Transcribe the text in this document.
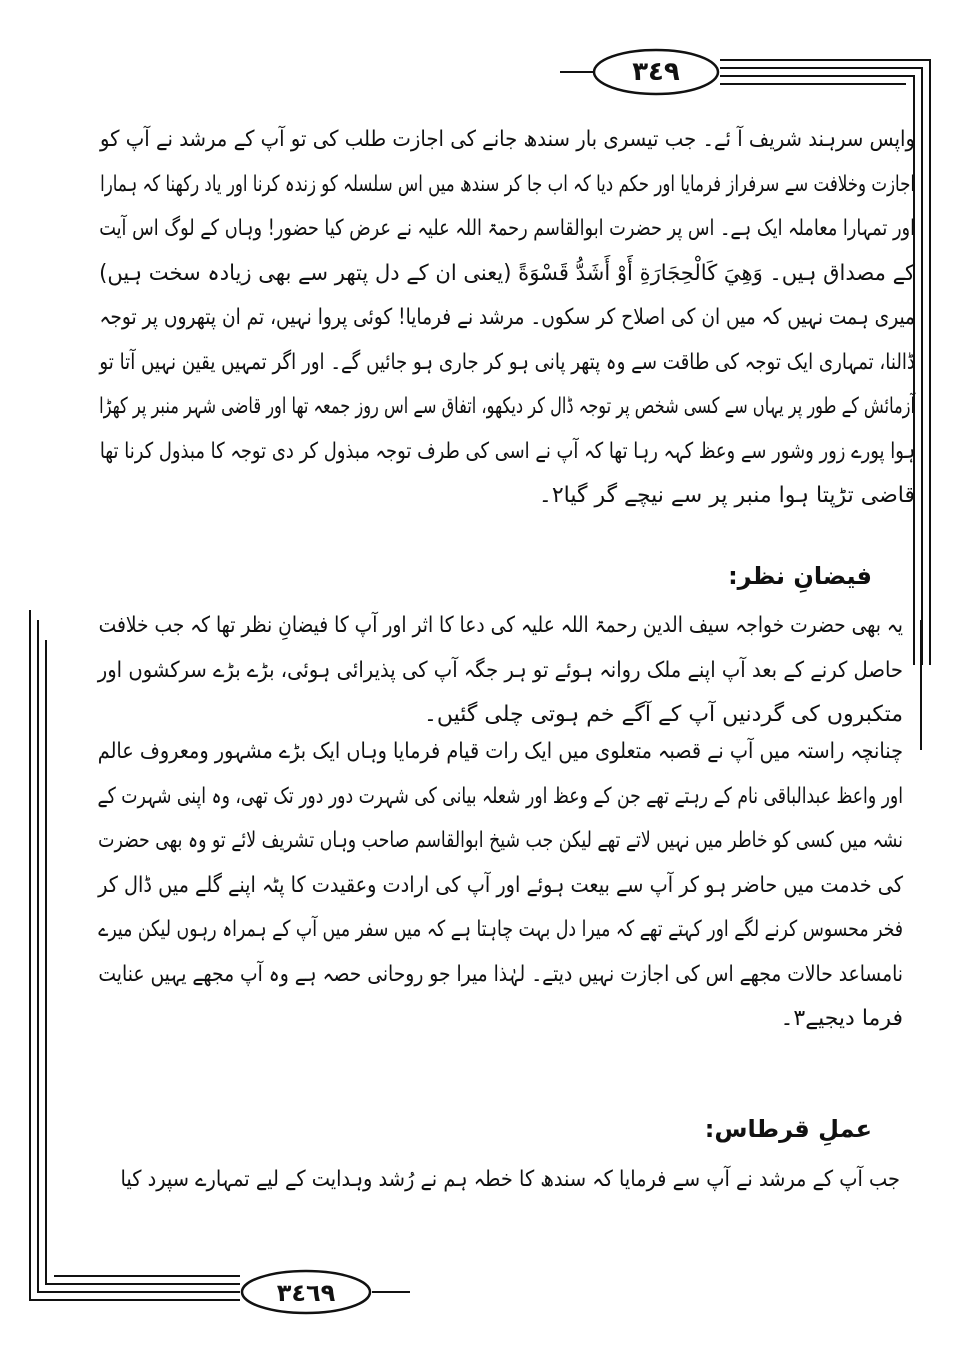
٣٤٩
٣٤٦٩
واپس سرہند شریف آ ئے۔ جب تیسری بار سندھ جانے کی اجازت طلب کی تو آپ کے مرشد نے آپ کو
اجازت وخلافت سے سرفراز فرمایا اور حکم دیا کہ اب جا کر سندھ میں اس سلسلہ کو زندہ کرنا اور یاد رکھنا کہ ہمارا
اور تمہارا معاملہ ایک ہے۔ اس پر حضرت ابوالقاسم رحمۃ اللہ علیہ نے عرض کیا حضور! وہاں کے لوگ اس آیت
کے مصداق ہیں۔ وَهِيَ كَالْحِجَارَةِ أَوْ أَشَدُّ قَسْوَةً (یعنی ان کے دل پتھر سے بھی زیادہ سخت ہیں)
میری ہمت نہیں کہ میں ان کی اصلاح کر سکوں۔ مرشد نے فرمایا! کوئی پروا نہیں، تم ان پتھروں پر توجہ
ڈالنا، تمہاری ایک توجہ کی طاقت سے وہ پتھر پانی ہو کر جاری ہو جائیں گے۔ اور اگر تمہیں یقین نہیں آتا تو
آزمائش کے طور پر یہاں سے کسی شخص پر توجہ ڈال کر دیکھو، اتفاق سے اس روز جمعہ تھا اور قاضی شہر منبر پر کھڑا
ہوا پورے زور وشور سے وعظ کہہ رہا تھا کہ آپ نے اسی کی طرف توجہ مبذول کر دی توجہ کا مبذول کرنا تھا
قاضی تڑپتا ہوا منبر پر سے نیچے گر گیا۲۔
فیضانِ نظر:
یہ بھی حضرت خواجہ سیف الدین رحمۃ اللہ علیہ کی دعا کا اثر اور آپ کا فیضانِ نظر تھا کہ جب خلافت
حاصل کرنے کے بعد آپ اپنے ملک روانہ ہوئے تو ہر جگہ آپ کی پذیرائی ہوئی، بڑے بڑے سرکشوں اور
متکبروں کی گردنیں آپ کے آگے خم ہوتی چلی گئیں۔
چنانچہ راستہ میں آپ نے قصبہ متعلوی میں ایک رات قیام فرمایا وہاں ایک بڑے مشہور ومعروف عالم
اور واعظ عبدالباقی نام کے رہتے تھے جن کے وعظ اور شعلہ بیانی کی شہرت دور دور تک تھی، وہ اپنی شہرت کے
نشہ میں کسی کو خاطر میں نہیں لاتے تھے لیکن جب شیخ ابوالقاسم صاحب وہاں تشریف لائے تو وہ بھی حضرت
کی خدمت میں حاضر ہو کر آپ سے بیعت ہوئے اور آپ کی ارادت وعقیدت کا پٹہ اپنے گلے میں ڈال کر
فخر محسوس کرنے لگے اور کہتے تھے کہ میرا دل بہت چاہتا ہے کہ میں سفر میں آپ کے ہمراہ رہوں لیکن میرے
نامساعد حالات مجھے اس کی اجازت نہیں دیتے۔ لہٰذا میرا جو روحانی حصہ ہے وہ آپ مجھے یہیں عنایت
فرما دیجیے۳۔
عملِ قرطاس:
جب آپ کے مرشد نے آپ سے فرمایا کہ سندھ کا خطہ ہم نے رُشد وہدایت کے لیے تمہارے سپرد کیا
